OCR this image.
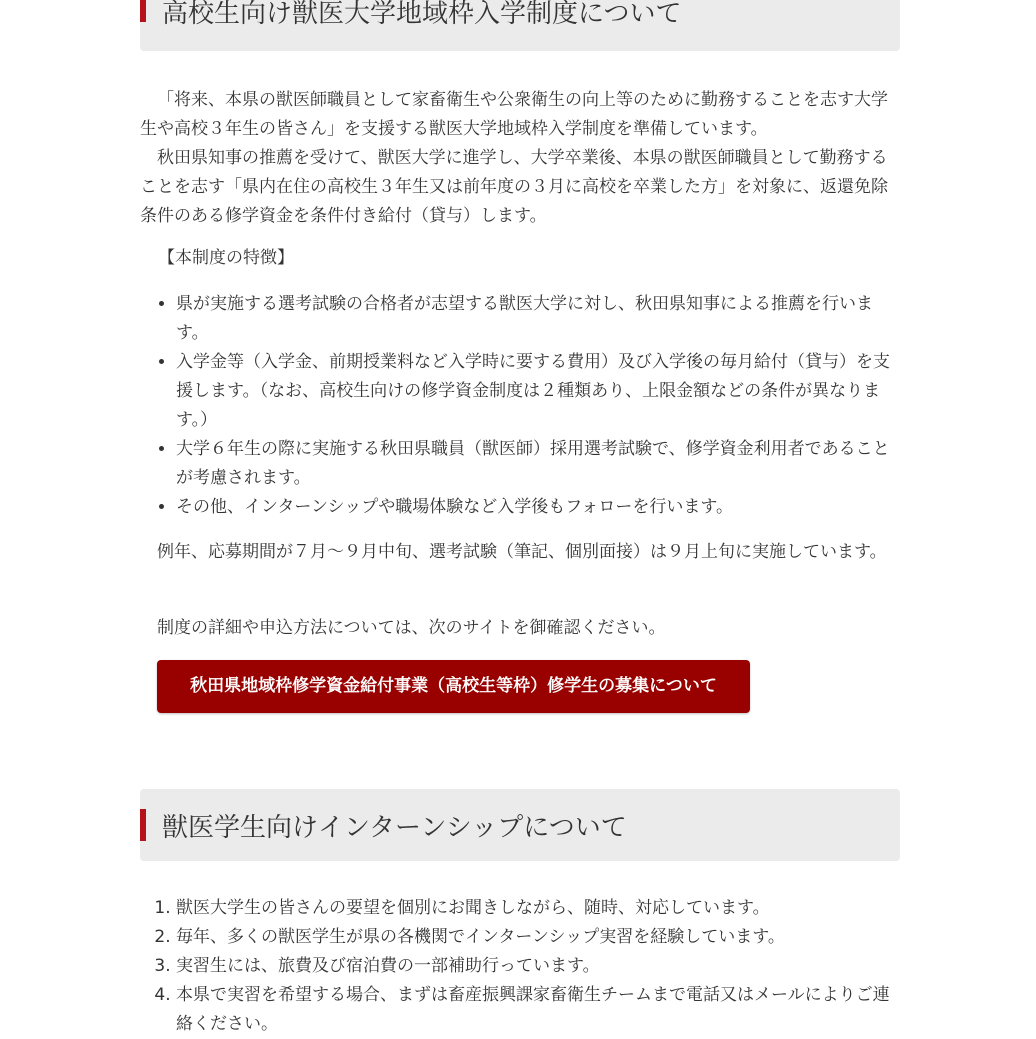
高校生向け獣医大学地域枠入学制度について

「将来、本県の獣医師職員として家畜衛生や公衆衛生の向上等のために勤務することを志す大学生や高校３年生の皆さん」を支援する獣医大学地域枠入学制度を準備しています。

秋田県知事の推薦を受けて、獣医大学に進学し、大学卒業後、本県の獣医師職員として勤務することを志す「県内在住の高校生３年生又は前年度の３月に高校を卒業した方」を対象に、返還免除条件のある修学資金を条件付き給付（貸与）します。

【本制度の特徴】

• 県が実施する選考試験の合格者が志望する獣医大学に対し、秋田県知事による推薦を行います。
• 入学金等（入学金、前期授業料など入学時に要する費用）及び入学後の毎月給付（貸与）を支援します。（なお、高校生向けの修学資金制度は２種類あり、上限金額などの条件が異なります。）
• 大学６年生の際に実施する秋田県職員（獣医師）採用選考試験で、修学資金利用者であることが考慮されます。
• その他、インターンシップや職場体験など入学後もフォローを行います。

例年、応募期間が７月～９月中旬、選考試験（筆記、個別面接）は９月上旬に実施しています。

制度の詳細や申込方法については、次のサイトを御確認ください。

秋田県地域枠修学資金給付事業（高校生等枠）修学生の募集について
獣医学生向けインターンシップについて
1. 獣医大学生の皆さんの要望を個別にお聞きしながら、随時、対応しています。
2. 毎年、多くの獣医学生が県の各機関でインターンシップ実習を経験しています。
3. 実習生には、旅費及び宿泊費の一部補助行っています。
4. 本県で実習を希望する場合、まずは畜産振興課家畜衛生チームまで電話又はメールによりご連絡ください。
